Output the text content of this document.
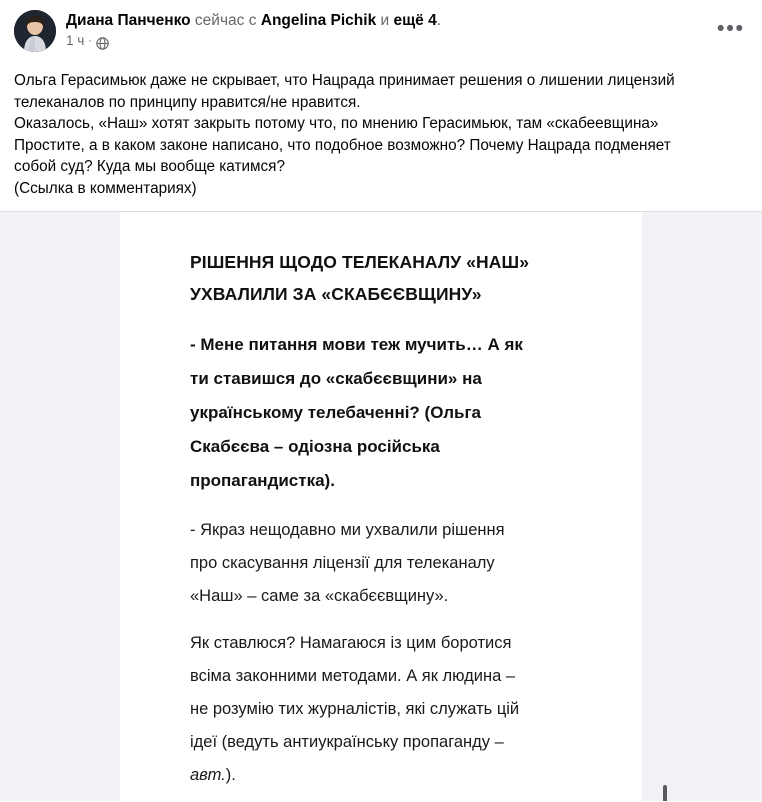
Диана Панченко сейчас с Angelina Pichik и ещё 4.
1 ч ·
•••

Ольга Герасимьюк даже не скрывает, что Нацрада принимает решения о лишении лицензий

телеканалов по принципу нравится/не нравится.

Оказалось, «Наш» хотят закрыть потому что, по мнению Герасимьюк, там «скабеевщина»

Простите, а в каком законе написано, что подобное возможно? Почему Нацрада подменяет

собой суд? Куда мы вообще катимся?

(Ссылка в комментариях)

РІШЕННЯ ЩОДО ТЕЛЕКАНАЛУ «НАШ»
УХВАЛИЛИ ЗА «СКАБЄЄВЩИНУ»
- Мене питання мови теж мучить… А як
ти ставишся до «скабєєвщини» на
українському телебаченні? (Ольга
Скабєєва – одіозна російська
пропагандистка).
- Якраз нещодавно ми ухвалили рішення
про скасування ліцензії для телеканалу
«Наш» – саме за «скабєєвщину».
Як ставлюся? Намагаюся із цим боротися
всіма законними методами. А як людина –
не розумію тих журналістів, які служать цій
ідеї (ведуть антиукраїнську пропаганду –
авт.).
